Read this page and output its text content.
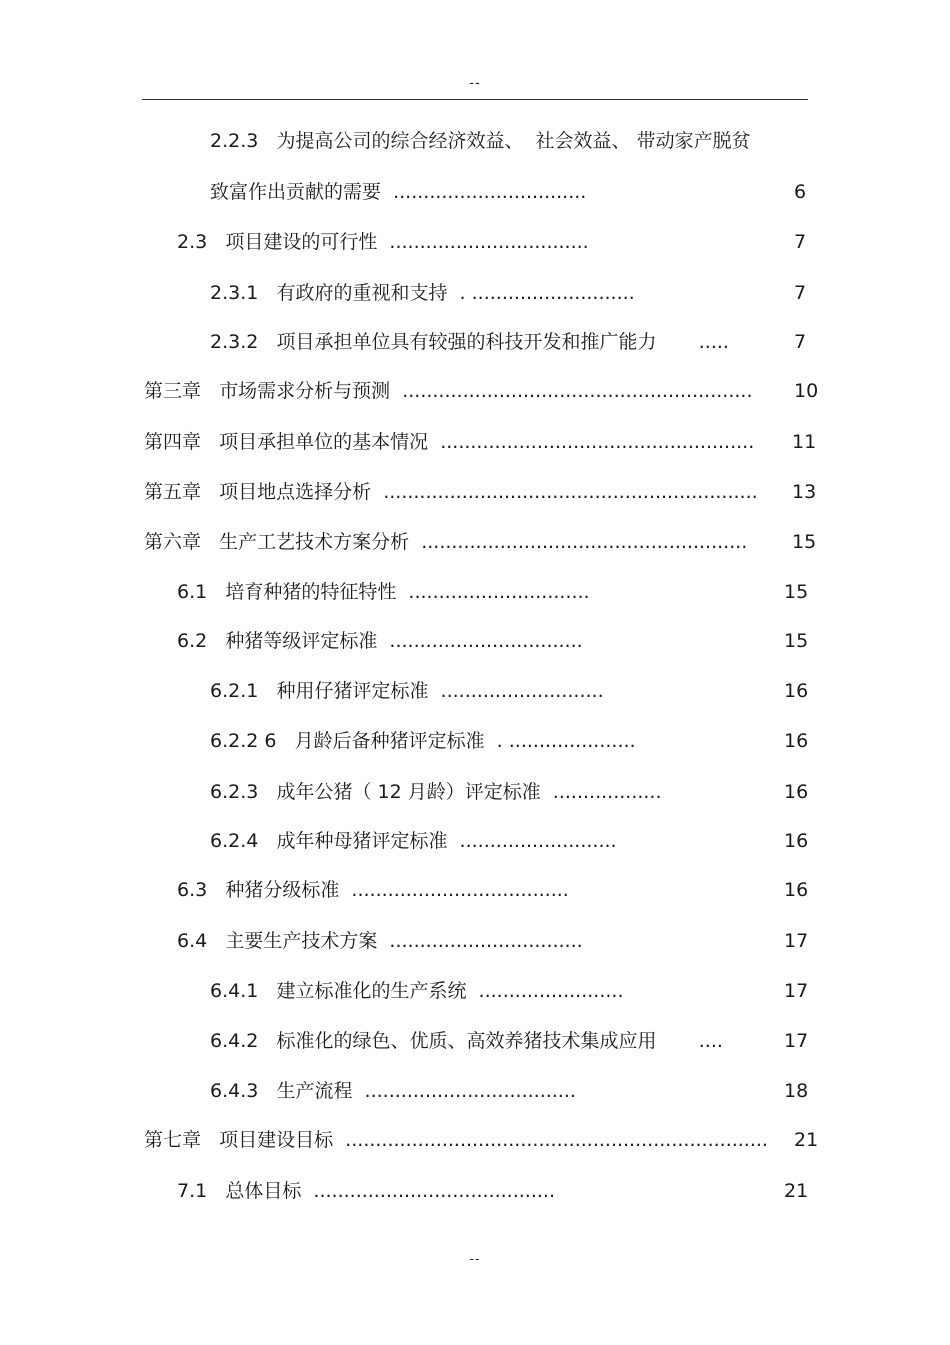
--
2.2.3   为提高公司的综合经济效益、  社会效益、 带动家产脱贫
致富作出贡献的需要  ................................	6
2.3   项目建设的可行性  .................................	7
2.3.1   有政府的重视和支持  . ...........................	7
2.3.2   项目承担单位具有较强的科技开发和推广能力       .....	7
第三章   市场需求分析与预测  .......................................................... 10
第四章   项目承担单位的基本情况  .................................................... 11
第五章   项目地点选择分析  .............................................................. 13
第六章   生产工艺技术方案分析  ...................................................... 15
6.1   培育种猪的特征特性  ..............................	15
6.2   种猪等级评定标准  ................................	15
6.2.1   种用仔猪评定标准  ...........................	16
6.2.2 6   月龄后备种猪评定标准  . .....................	16
6.2.3   成年公猪（ 12 月龄）评定标准  ..................	16
6.2.4   成年种母猪评定标准  ..........................	16
6.3   种猪分级标准  ....................................	16
6.4   主要生产技术方案  ................................	17
6.4.1   建立标准化的生产系统  ........................	17
6.4.2   标准化的绿色、优质、高效养猪技术集成应用       ....	17
6.4.3   生产流程  ...................................	18
第七章   项目建设目标  ...................................................................... 21
7.1   总体目标  ........................................	21
--
